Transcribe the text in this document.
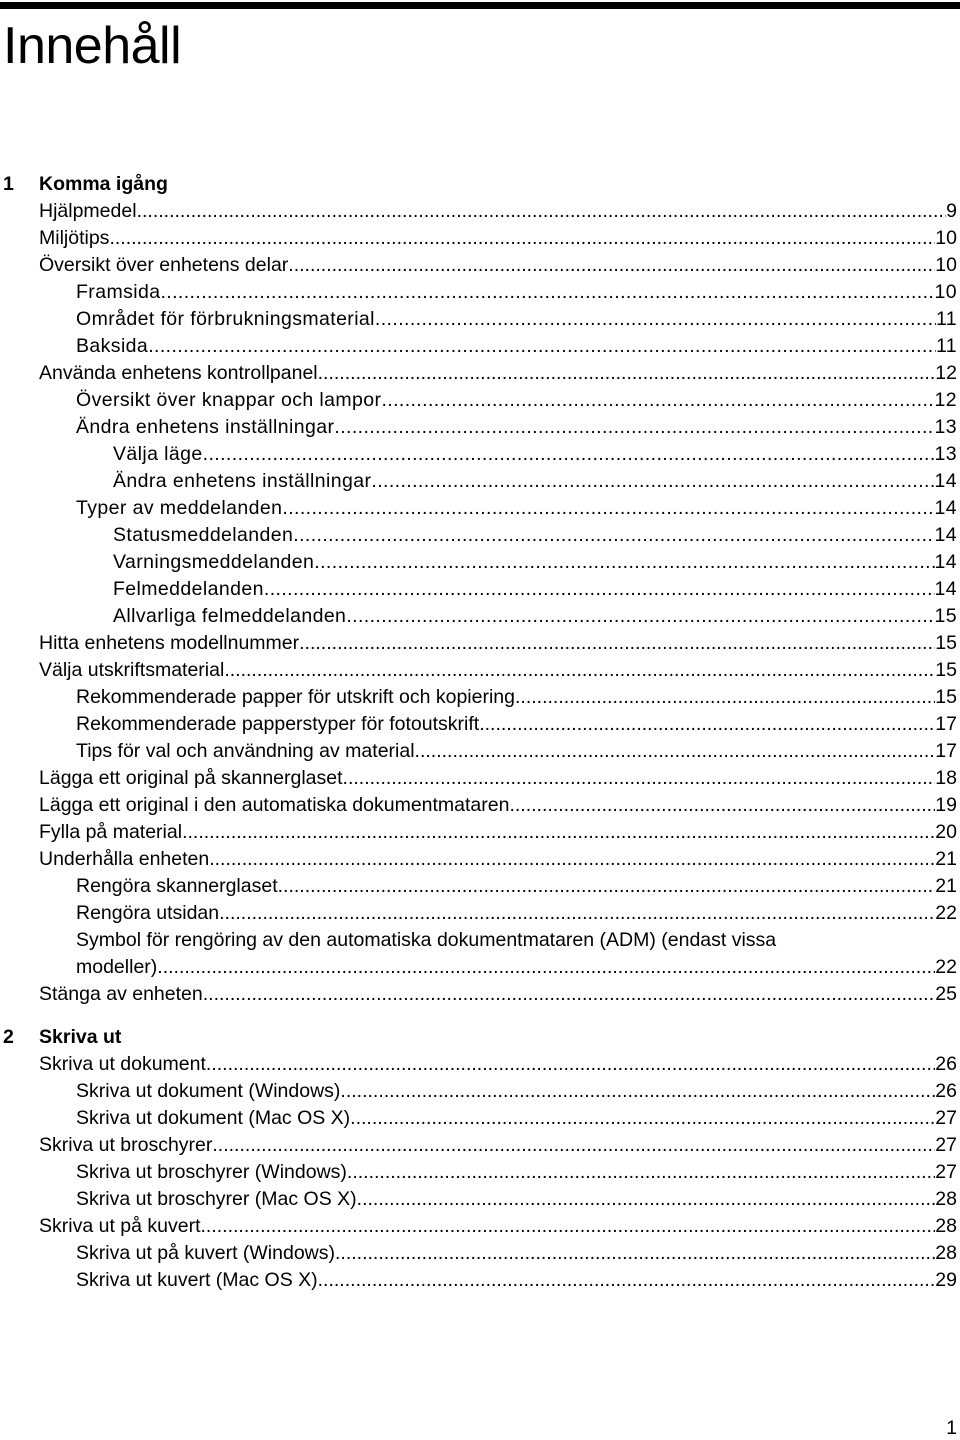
Innehåll
1 Komma igång
Hjälpmedel .....	9
Miljötips .....	10
Översikt över enhetens delar .....	10
Framsida .....	10
Området för förbrukningsmaterial .....	11
Baksida .....	11
Använda enhetens kontrollpanel .....	12
Översikt över knappar och lampor .....	12
Ändra enhetens inställningar .....	13
Välja läge .....	13
Ändra enhetens inställningar .....	14
Typer av meddelanden .....	14
Statusmeddelanden .....	14
Varningsmeddelanden .....	14
Felmeddelanden .....	14
Allvarliga felmeddelanden .....	15
Hitta enhetens modellnummer .....	15
Välja utskriftsmaterial .....	15
Rekommenderade papper för utskrift och kopiering .....	15
Rekommenderade papperstyper för fotoutskrift .....	17
Tips för val och användning av material .....	17
Lägga ett original på skannerglaset .....	18
Lägga ett original i den automatiska dokumentmataren .....	19
Fylla på material .....	20
Underhålla enheten .....	21
Rengöra skannerglaset .....	21
Rengöra utsidan .....	22
Symbol för rengöring av den automatiska dokumentmataren (ADM) (endast vissa
modeller) .....	22
Stänga av enheten .....	25
2 Skriva ut
Skriva ut dokument .....	26
Skriva ut dokument (Windows) .....	26
Skriva ut dokument (Mac OS X) .....	27
Skriva ut broschyrer .....	27
Skriva ut broschyrer (Windows) .....	27
Skriva ut broschyrer (Mac OS X) .....	28
Skriva ut på kuvert .....	28
Skriva ut på kuvert (Windows) .....	28
Skriva ut kuvert (Mac OS X) .....	29
1
